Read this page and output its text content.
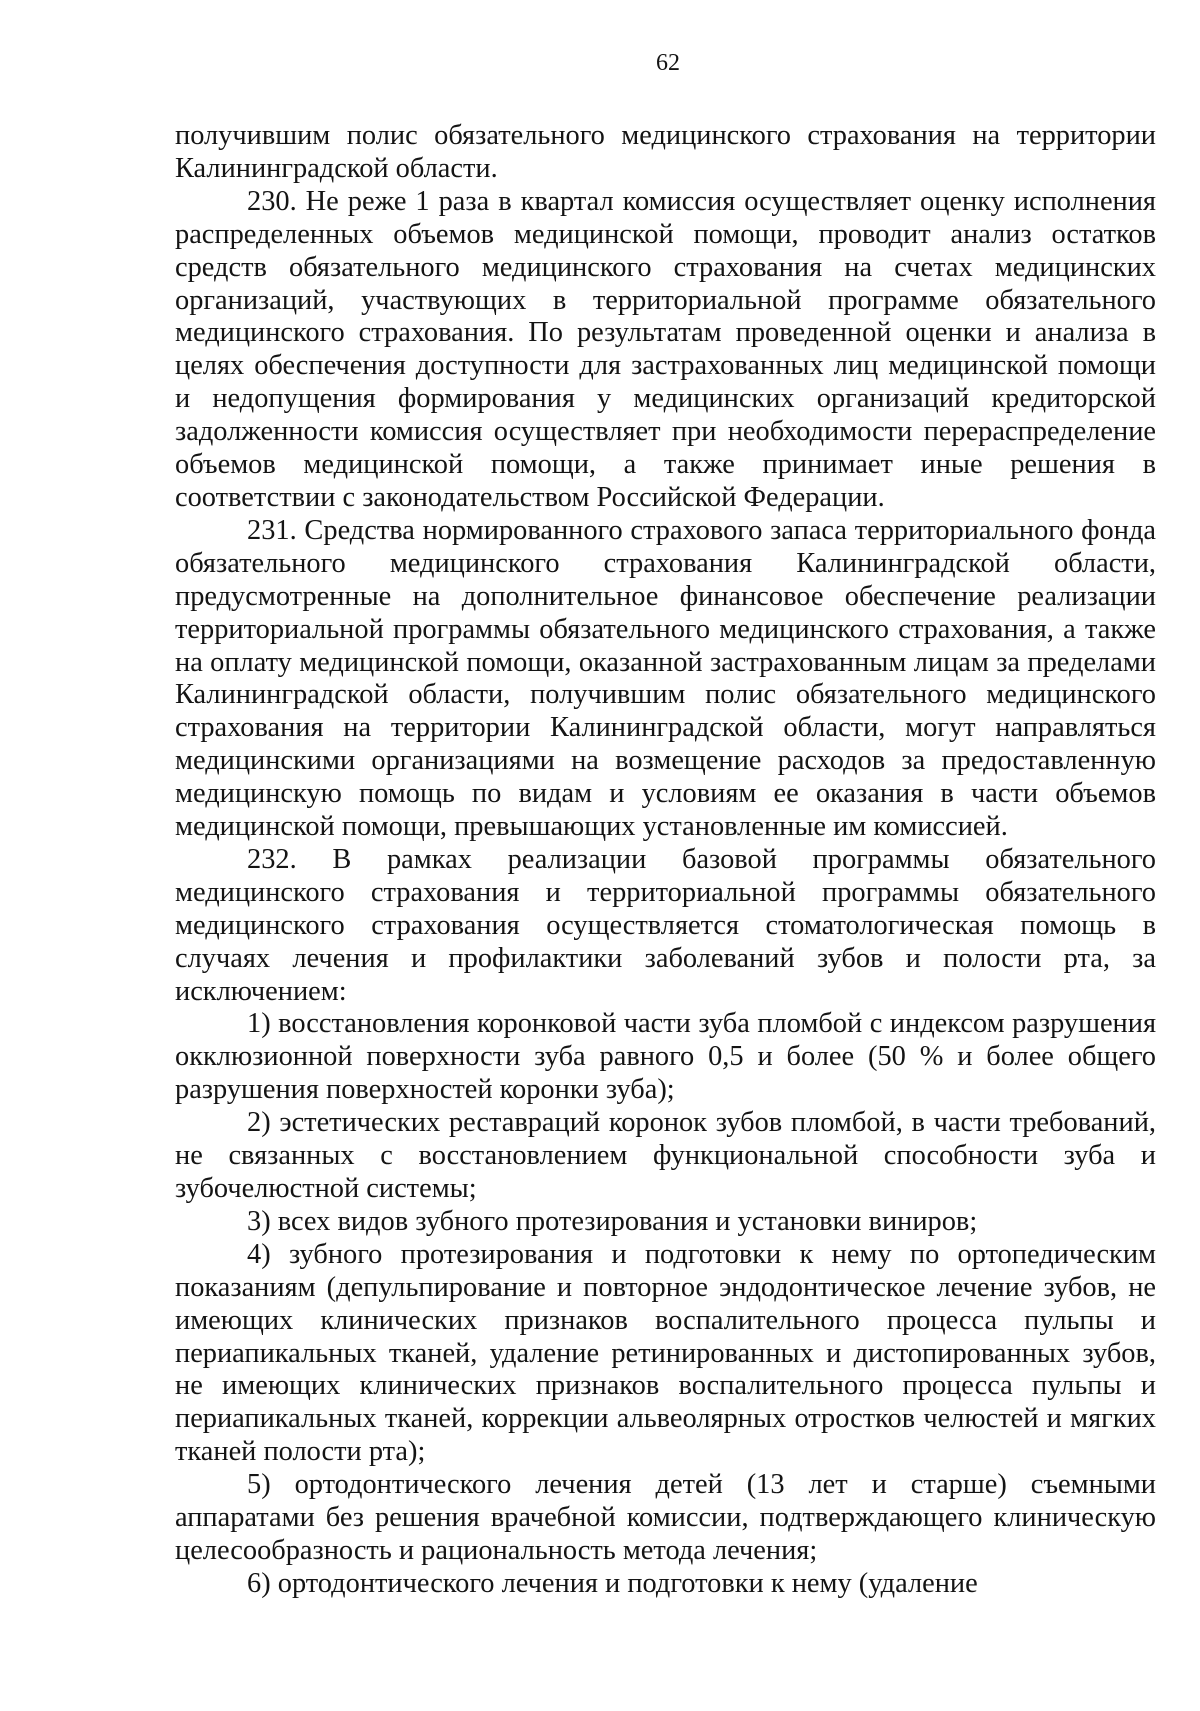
62

получившим полис обязательного медицинского страхования на территории Калининградской области.

230. Не реже 1 раза в квартал комиссия осуществляет оценку исполнения распределенных объемов медицинской помощи, проводит анализ остатков средств обязательного медицинского страхования на счетах медицинских организаций, участвующих в территориальной программе обязательного медицинского страхования. По результатам проведенной оценки и анализа в целях обеспечения доступности для застрахованных лиц медицинской помощи и недопущения формирования у медицинских организаций кредиторской задолженности комиссия осуществляет при необходимости перераспределение объемов медицинской помощи, а также принимает иные решения в соответствии с законодательством Российской Федерации.

231. Средства нормированного страхового запаса территориального фонда обязательного медицинского страхования Калининградской области, предусмотренные на дополнительное финансовое обеспечение реализации территориальной программы обязательного медицинского страхования, а также на оплату медицинской помощи, оказанной застрахованным лицам за пределами Калининградской области, получившим полис обязательного медицинского страхования на территории Калининградской области, могут направляться медицинскими организациями на возмещение расходов за предоставленную медицинскую помощь по видам и условиям ее оказания в части объемов медицинской помощи, превышающих установленные им комиссией.

232. В рамках реализации базовой программы обязательного медицинского страхования и территориальной программы обязательного медицинского страхования осуществляется стоматологическая помощь в случаях лечения и профилактики заболеваний зубов и полости рта, за исключением:

1) восстановления коронковой части зуба пломбой с индексом разрушения окклюзионной поверхности зуба равного 0,5 и более (50 % и более общего разрушения поверхностей коронки зуба);

2) эстетических реставраций коронок зубов пломбой, в части требований, не связанных с восстановлением функциональной способности зуба и зубочелюстной системы;

3) всех видов зубного протезирования и установки виниров;

4) зубного протезирования и подготовки к нему по ортопедическим показаниям (депульпирование и повторное эндодонтическое лечение зубов, не имеющих клинических признаков воспалительного процесса пульпы и периапикальных тканей, удаление ретинированных и дистопированных зубов, не имеющих клинических признаков воспалительного процесса пульпы и периапикальных тканей, коррекции альвеолярных отростков челюстей и мягких тканей полости рта);

5) ортодонтического лечения детей (13 лет и старше) съемными аппаратами без решения врачебной комиссии, подтверждающего клиническую целесообразность и рациональность метода лечения;

6) ортодонтического лечения и подготовки к нему (удаление
